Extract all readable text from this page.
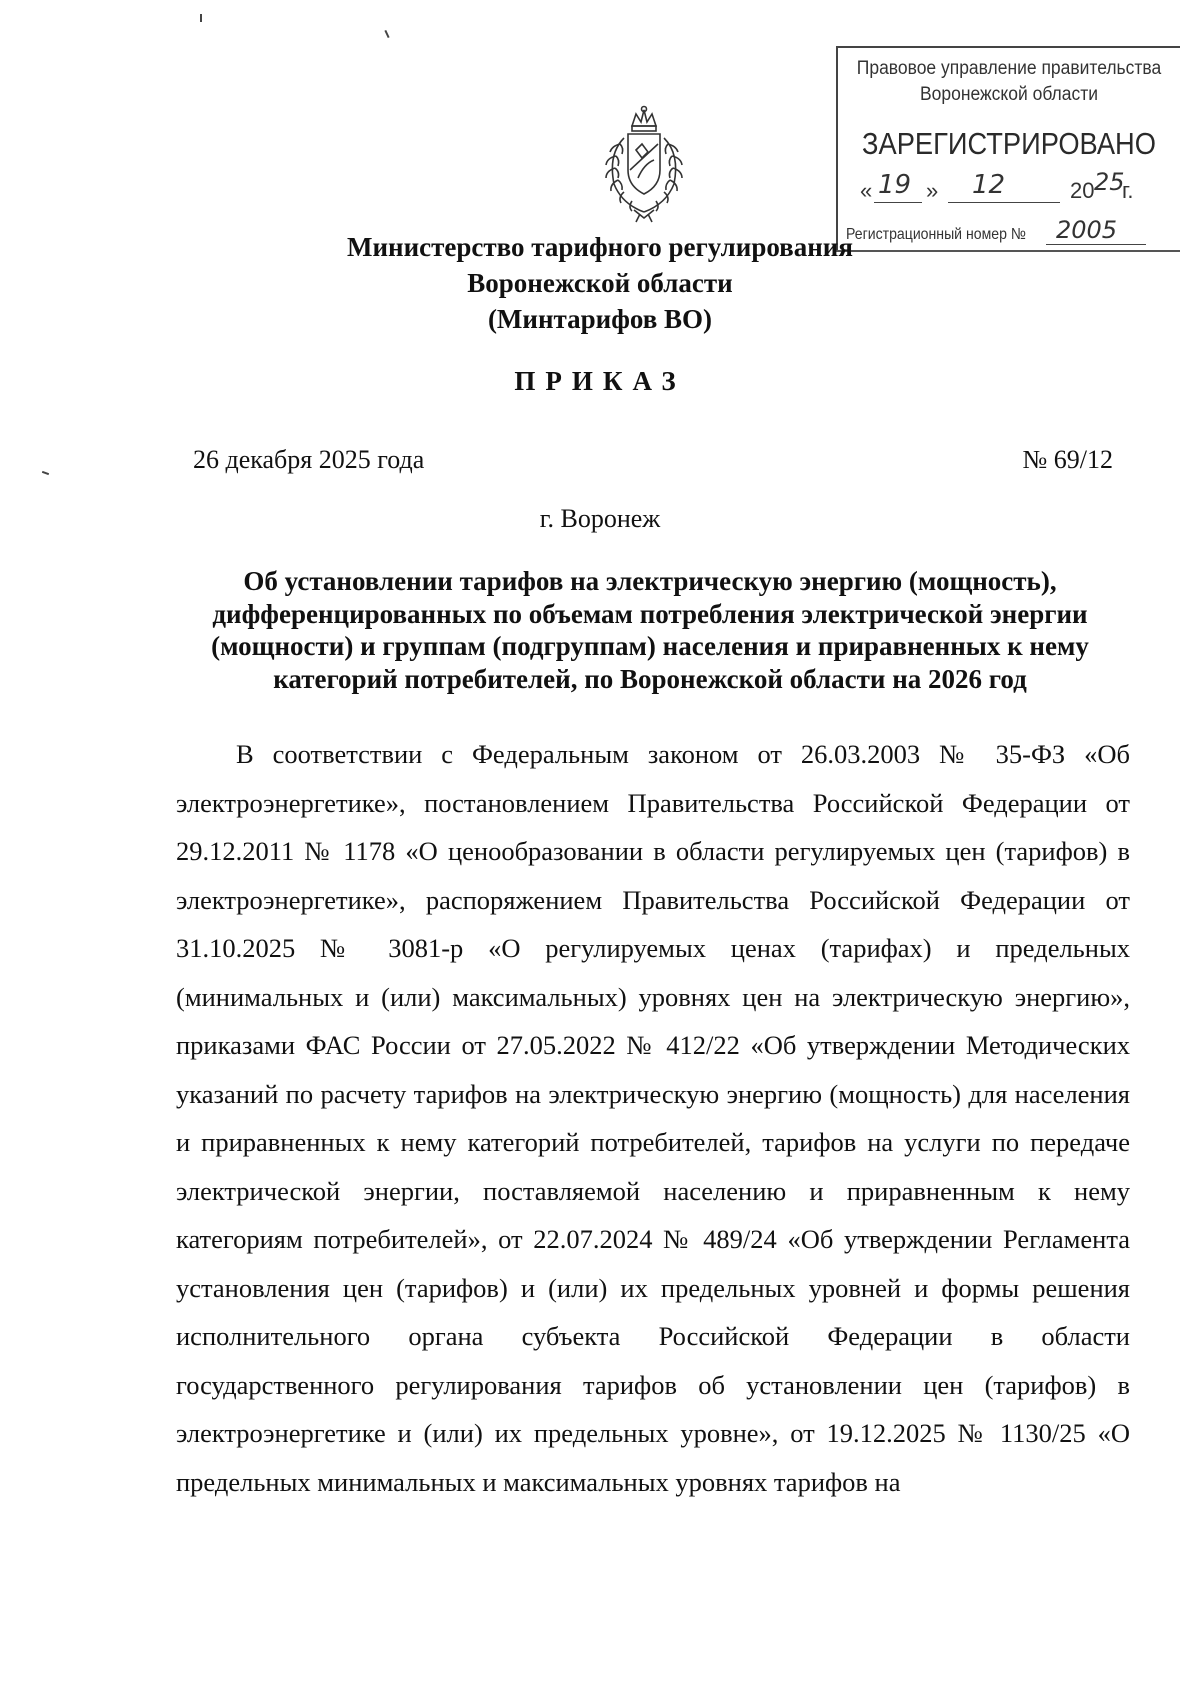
Правовое управление правительства
Воронежской области
ЗАРЕГИСТРИРОВАНО
« 19 » 12	20 25
г.
Регистрационный номер № 2005
Министерство тарифного регулирования
Воронежской области
(Минтарифов ВО)
ПРИКАЗ
26 декабря 2025 года	№ 69/12
г. Воронеж
Об установлении тарифов на электрическую энергию (мощность), дифференцированных по объемам потребления электрической энергии (мощности) и группам (подгруппам) населения и приравненных к нему категорий потребителей, по Воронежской области на 2026 год
В соответствии с Федеральным законом от 26.03.2003 № 35-ФЗ «Об электроэнергетике», постановлением Правительства Российской Федерации от 29.12.2011 № 1178 «О ценообразовании в области регулируемых цен (тарифов) в электроэнергетике», распоряжением Правительства Российской Федерации от 31.10.2025 № 3081-р «О регулируемых ценах (тарифах) и предельных (минимальных и (или) максимальных) уровнях цен на электрическую энергию», приказами ФАС России от 27.05.2022 № 412/22 «Об утверждении Методических указаний по расчету тарифов на электрическую энергию (мощность) для населения и приравненных к нему категорий потребителей, тарифов на услуги по передаче электрической энергии, поставляемой населению и приравненным к нему категориям потребителей», от 22.07.2024 № 489/24 «Об утверждении Регламента установления цен (тарифов) и (или) их предельных уровней и формы решения исполнительного органа субъекта Российской Федерации в области государственного регулирования тарифов об установлении цен (тарифов) в электроэнергетике и (или) их предельных уровне», от 19.12.2025 № 1130/25 «О предельных минимальных и максимальных уровнях тарифов на
